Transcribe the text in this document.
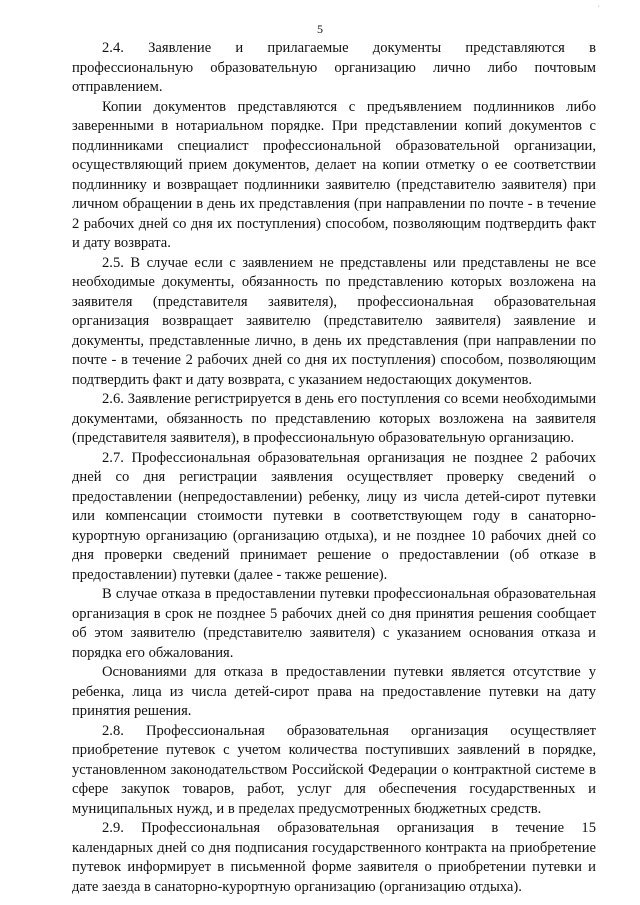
·
5

2.4. Заявление и прилагаемые документы представляются в профессиональную образовательную организацию лично либо почтовым отправлением.

Копии документов представляются с предъявлением подлинников либо заверенными в нотариальном порядке. При представлении копий документов с подлинниками специалист профессиональной образовательной организации, осуществляющий прием документов, делает на копии отметку о ее соответствии подлиннику и возвращает подлинники заявителю (представителю заявителя) при личном обращении в день их представления (при направлении по почте - в течение 2 рабочих дней со дня их поступления) способом, позволяющим подтвердить факт и дату возврата.

2.5. В случае если с заявлением не представлены или представлены не все необходимые документы, обязанность по представлению которых возложена на заявителя (представителя заявителя), профессиональная образовательная организация возвращает заявителю (представителю заявителя) заявление и документы, представленные лично, в день их представления (при направлении по почте - в течение 2 рабочих дней со дня их поступления) способом, позволяющим подтвердить факт и дату возврата, с указанием недостающих документов.

2.6. Заявление регистрируется в день его поступления со всеми необходимыми документами, обязанность по представлению которых возложена на заявителя (представителя заявителя), в профессиональную образовательную организацию.

2.7. Профессиональная образовательная организация не позднее 2 рабочих дней со дня регистрации заявления осуществляет проверку сведений о предоставлении (непредоставлении) ребенку, лицу из числа детей-сирот путевки или компенсации стоимости путевки в соответствующем году в санаторно-курортную организацию (организацию отдыха), и не позднее 10 рабочих дней со дня проверки сведений принимает решение о предоставлении (об отказе в предоставлении) путевки (далее - также решение).

В случае отказа в предоставлении путевки профессиональная образовательная организация в срок не позднее 5 рабочих дней со дня принятия решения сообщает об этом заявителю (представителю заявителя) с указанием основания отказа и порядка его обжалования.

Основаниями для отказа в предоставлении путевки является отсутствие у ребенка, лица из числа детей-сирот права на предоставление путевки на дату принятия решения.

2.8. Профессиональная образовательная организация осуществляет приобретение путевок с учетом количества поступивших заявлений в порядке, установленном законодательством Российской Федерации о контрактной системе в сфере закупок товаров, работ, услуг для обеспечения государственных и муниципальных нужд, и в пределах предусмотренных бюджетных средств.

2.9. Профессиональная образовательная организация в течение 15 календарных дней со дня подписания государственного контракта на приобретение путевок информирует в письменной форме заявителя о приобретении путевки и дате заезда в санаторно-курортную организацию (организацию отдыха).
